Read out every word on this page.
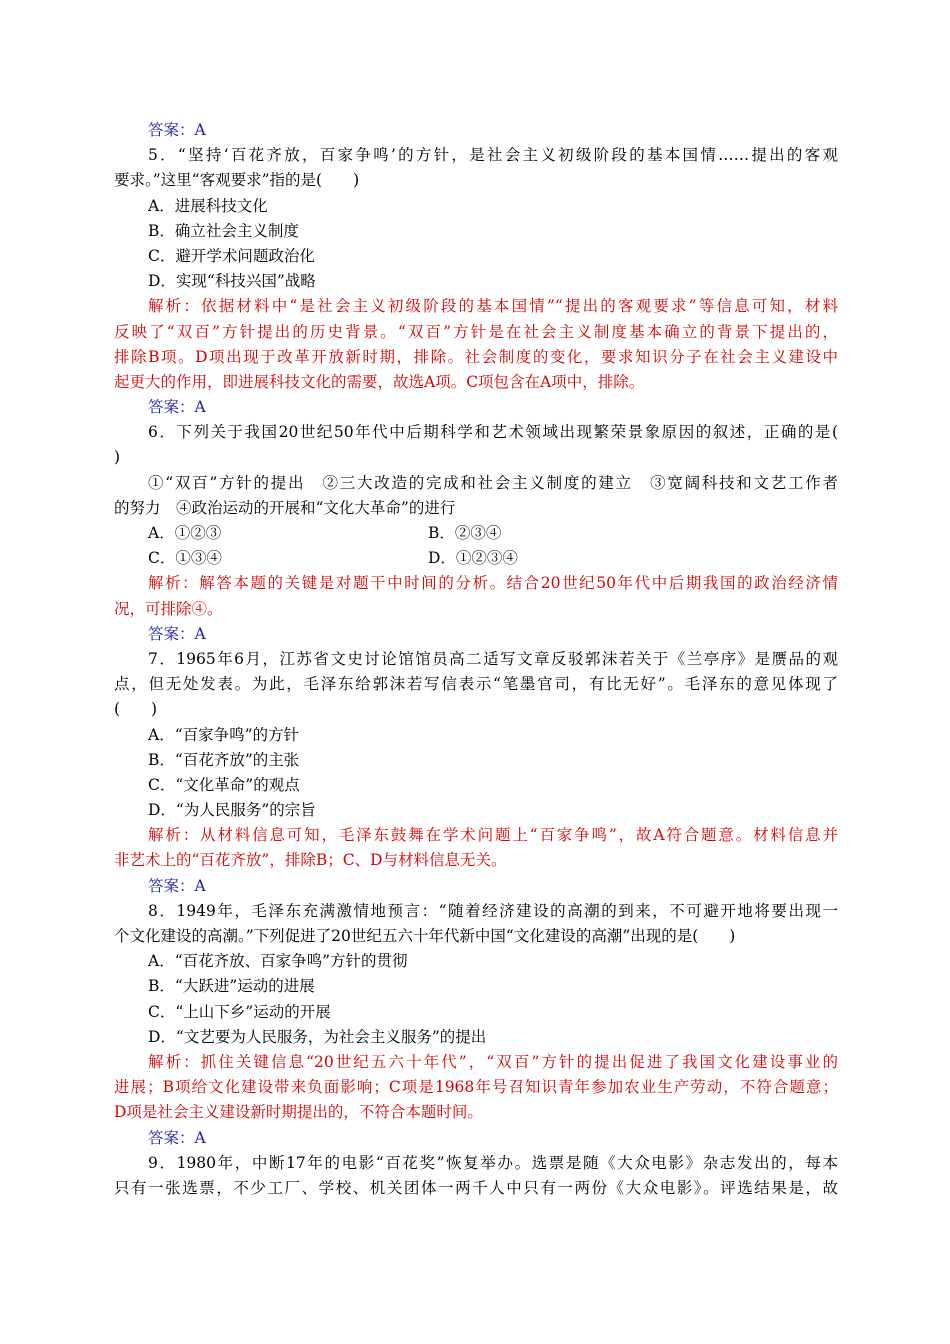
答案：A
5．“坚持‘百花齐放，百家争鸣’的方针，是社会主义初级阶段的基本国情……提出的客观
要求。”这里“客观要求”指的是(　　)
A．进展科技文化
B．确立社会主义制度
C．避开学术问题政治化
D．实现“科技兴国”战略
解析：依据材料中“是社会主义初级阶段的基本国情”“提出的客观要求”等信息可知，材料
反映了“双百”方针提出的历史背景。“双百”方针是在社会主义制度基本确立的背景下提出的，
排除B项。D项出现于改革开放新时期，排除。社会制度的变化，要求知识分子在社会主义建设中
起更大的作用，即进展科技文化的需要，故选A项。C项包含在A项中，排除。
答案：A
6．下列关于我国20世纪50年代中后期科学和艺术领域出现繁荣景象原因的叙述，正确的是(
)
①“双百”方针的提出　②三大改造的完成和社会主义制度的建立　③宽阔科技和文艺工作者
的努力　④政治运动的开展和“文化大革命”的进行
A．①②③	B．②③④
C．①③④	D．①②③④
解析：解答本题的关键是对题干中时间的分析。结合20世纪50年代中后期我国的政治经济情
况，可排除④。
答案：A
7．1965年6月，江苏省文史讨论馆馆员高二适写文章反驳郭沫若关于《兰亭序》是赝品的观
点，但无处发表。为此，毛泽东给郭沫若写信表示“笔墨官司，有比无好”。毛泽东的意见体现了
(　　)
A．“百家争鸣”的方针
B．“百花齐放”的主张
C．“文化革命”的观点
D．“为人民服务”的宗旨
解析：从材料信息可知，毛泽东鼓舞在学术问题上“百家争鸣”，故A符合题意。材料信息并
非艺术上的“百花齐放”，排除B；C、D与材料信息无关。
答案：A
8．1949年，毛泽东充满激情地预言：“随着经济建设的高潮的到来，不可避开地将要出现一
个文化建设的高潮。”下列促进了20世纪五六十年代新中国“文化建设的高潮”出现的是(　　)
A．“百花齐放、百家争鸣”方针的贯彻
B．“大跃进”运动的进展
C．“上山下乡”运动的开展
D．“文艺要为人民服务，为社会主义服务”的提出
解析：抓住关键信息“20世纪五六十年代”，“双百”方针的提出促进了我国文化建设事业的
进展；B项给文化建设带来负面影响；C项是1968年号召知识青年参加农业生产劳动，不符合题意；
D项是社会主义建设新时期提出的，不符合本题时间。
答案：A
9．1980年，中断17年的电影“百花奖”恢复举办。选票是随《大众电影》杂志发出的，每本
只有一张选票，不少工厂、学校、机关团体一两千人中只有一两份《大众电影》。评选结果是，故
